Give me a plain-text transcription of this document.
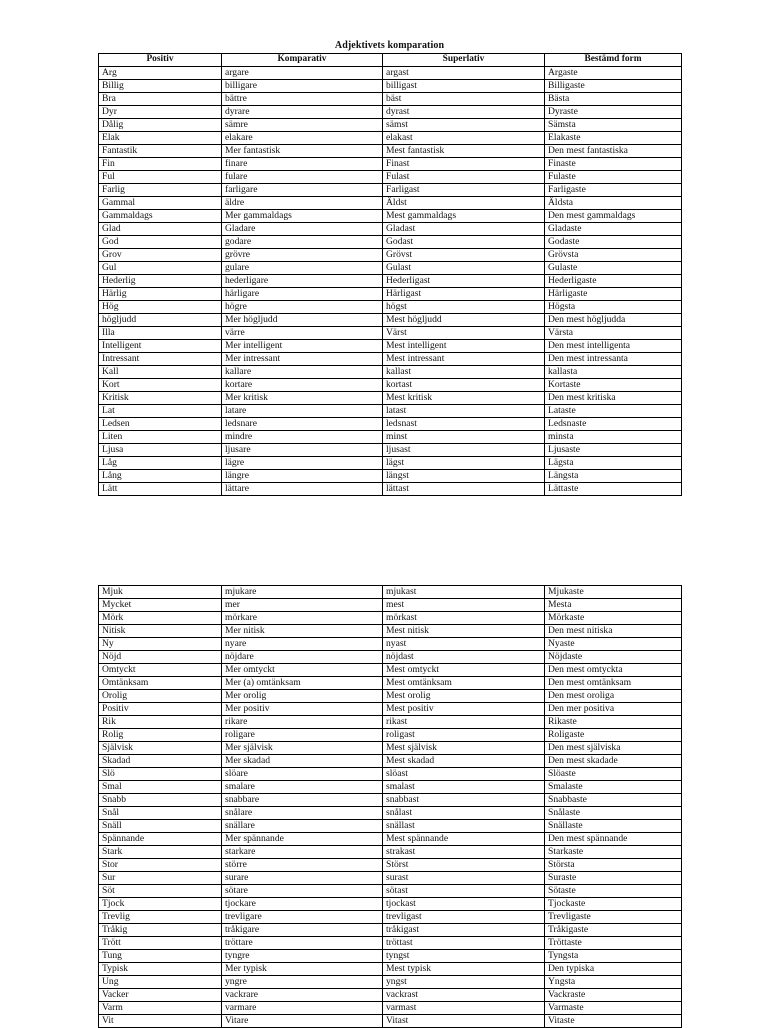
Adjektivets komparation
Positiv	Komparativ	Superlativ	Bestämd form
Arg	argare	argast	Argaste
Billig	billigare	billigast	Billigaste
Bra	bättre	bäst	Bästa
Dyr	dyrare	dyrast	Dyraste
Dålig	sämre	sämst	Sämsta
Elak	elakare	elakast	Elakaste
Fantastik	Mer fantastisk	Mest fantastisk	Den mest fantastiska
Fin	finare	Finast	Finaste
Ful	fulare	Fulast	Fulaste
Farlig	farligare	Farligast	Farligaste
Gammal	äldre	Äldst	Äldsta
Gammaldags	Mer gammaldags	Mest gammaldags	Den mest gammaldags
Glad	Gladare	Gladast	Gladaste
God	godare	Godast	Godaste
Grov	grövre	Grövst	Grövsta
Gul	gulare	Gulast	Gulaste
Hederlig	hederligare	Hederligast	Hederligaste
Härlig	härligare	Härligast	Härligaste
Hög	högre	högst	Högsta
högljudd	Mer högljudd	Mest högljudd	Den mest högljudda
Illa	värre	Värst	Värsta
Intelligent	Mer intelligent	Mest intelligent	Den mest intelligenta
Intressant	Mer intressant	Mest intressant	Den mest intressanta
Kall	kallare	kallast	kallasta
Kort	kortare	kortast	Kortaste
Kritisk	Mer kritisk	Mest kritisk	Den mest kritiska
Lat	latare	latast	Lataste
Ledsen	ledsnare	ledsnast	Ledsnaste
Liten	mindre	minst	minsta
Ljusa	ljusare	ljusast	Ljusaste
Låg	lägre	lägst	Lägsta
Lång	längre	längst	Längsta
Lätt	lättare	lättast	Lättaste
Mjuk	mjukare	mjukast	Mjukaste
Mycket	mer	mest	Mesta
Mörk	mörkare	mörkast	Mörkaste
Nitisk	Mer nitisk	Mest nitisk	Den mest nitiska
Ny	nyare	nyast	Nyaste
Nöjd	nöjdare	nöjdast	Nöjdaste
Omtyckt	Mer omtyckt	Mest omtyckt	Den mest omtyckta
Omtänksam	Mer (a) omtänksam	Mest omtänksam	Den mest omtänksam
Orolig	Mer orolig	Mest orolig	Den mest oroliga
Positiv	Mer positiv	Mest positiv	Den mer positiva
Rik	rikare	rikast	Rikaste
Rolig	roligare	roligast	Roligaste
Självisk	Mer självisk	Mest självisk	Den mest själviska
Skadad	Mer skadad	Mest skadad	Den mest skadade
Slö	slöare	slöast	Slöaste
Smal	smalare	smalast	Smalaste
Snabb	snabbare	snabbast	Snabbaste
Snål	snålare	snålast	Snålaste
Snäll	snällare	snällast	Snällaste
Spännande	Mer spännande	Mest spännande	Den mest spännande
Stark	starkare	strakast	Starkaste
Stor	större	Störst	Största
Sur	surare	surast	Suraste
Söt	sötare	sötast	Sötaste
Tjock	tjockare	tjockast	Tjockaste
Trevlig	trevligare	trevligast	Trevligaste
Tråkig	tråkigare	tråkigast	Tråkigaste
Trött	tröttare	tröttast	Tröttaste
Tung	tyngre	tyngst	Tyngsta
Typisk	Mer typisk	Mest typisk	Den typiska
Ung	yngre	yngst	Yngsta
Vacker	vackrare	vackrast	Vackraste
Varm	varmare	varmast	Varmaste
Vit	Vitare	Vitast	Vitaste
